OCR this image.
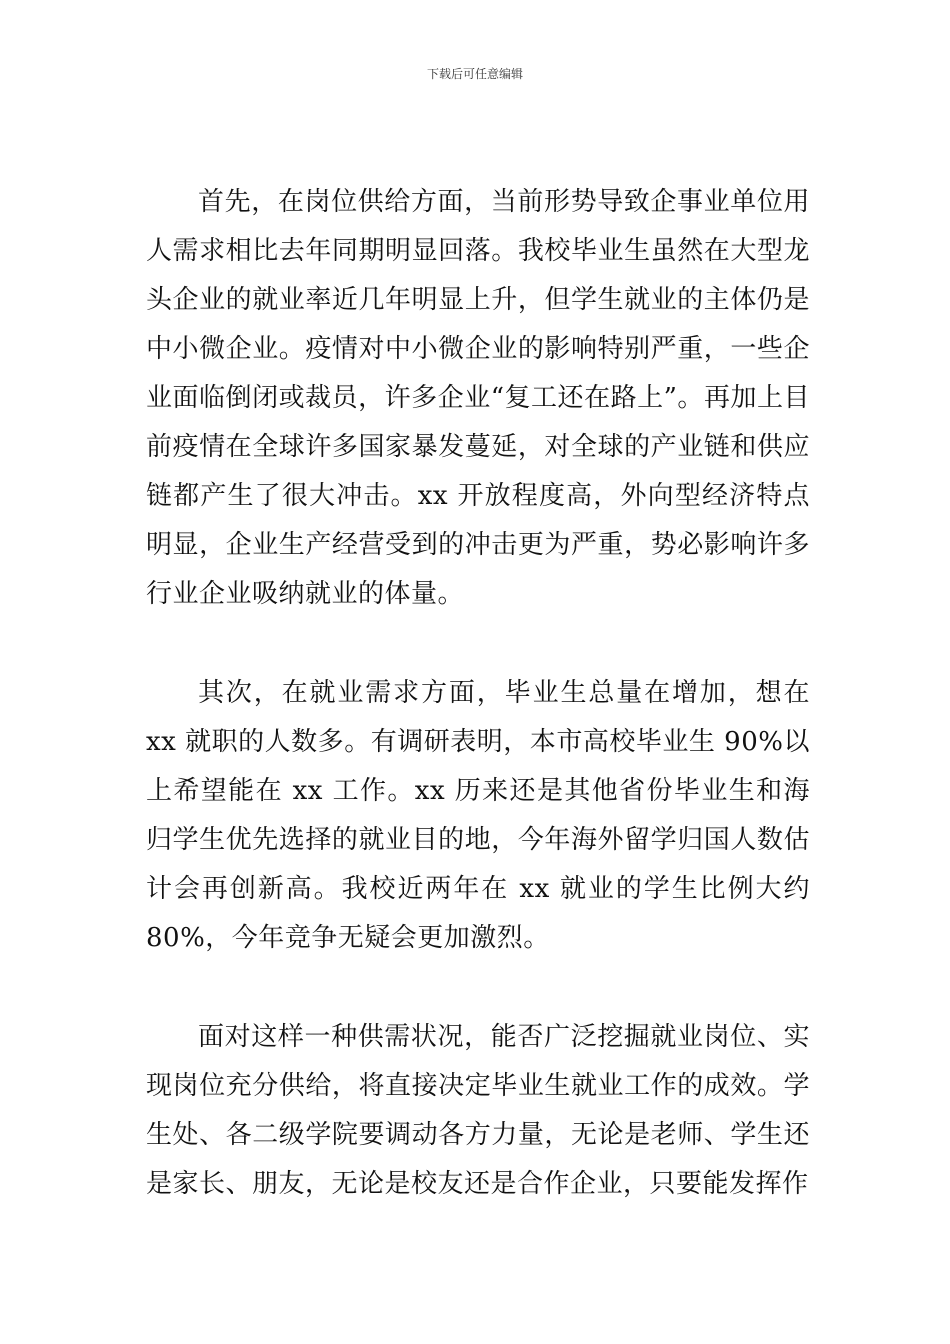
下载后可任意编辑

首先，在岗位供给方面，当前形势导致企事业单位用人需求相比去年同期明显回落。我校毕业生虽然在大型龙头企业的就业率近几年明显上升，但学生就业的主体仍是中小微企业。疫情对中小微企业的影响特别严重，一些企业面临倒闭或裁员，许多企业“复工还在路上”。再加上目前疫情在全球许多国家暴发蔓延，对全球的产业链和供应链都产生了很大冲击。xx 开放程度高，外向型经济特点明显，企业生产经营受到的冲击更为严重，势必影响许多行业企业吸纳就业的体量。

其次，在就业需求方面，毕业生总量在增加，想在 xx 就职的人数多。有调研表明，本市高校毕业生 90%以上希望能在 xx 工作。xx 历来还是其他省份毕业生和海归学生优先选择的就业目的地，今年海外留学归国人数估计会再创新高。我校近两年在 xx 就业的学生比例大约 80%，今年竞争无疑会更加激烈。

面对这样一种供需状况，能否广泛挖掘就业岗位、实现岗位充分供给，将直接决定毕业生就业工作的成效。学生处、各二级学院要调动各方力量，无论是老师、学生还是家长、朋友，无论是校友还是合作企业，只要能发挥作
